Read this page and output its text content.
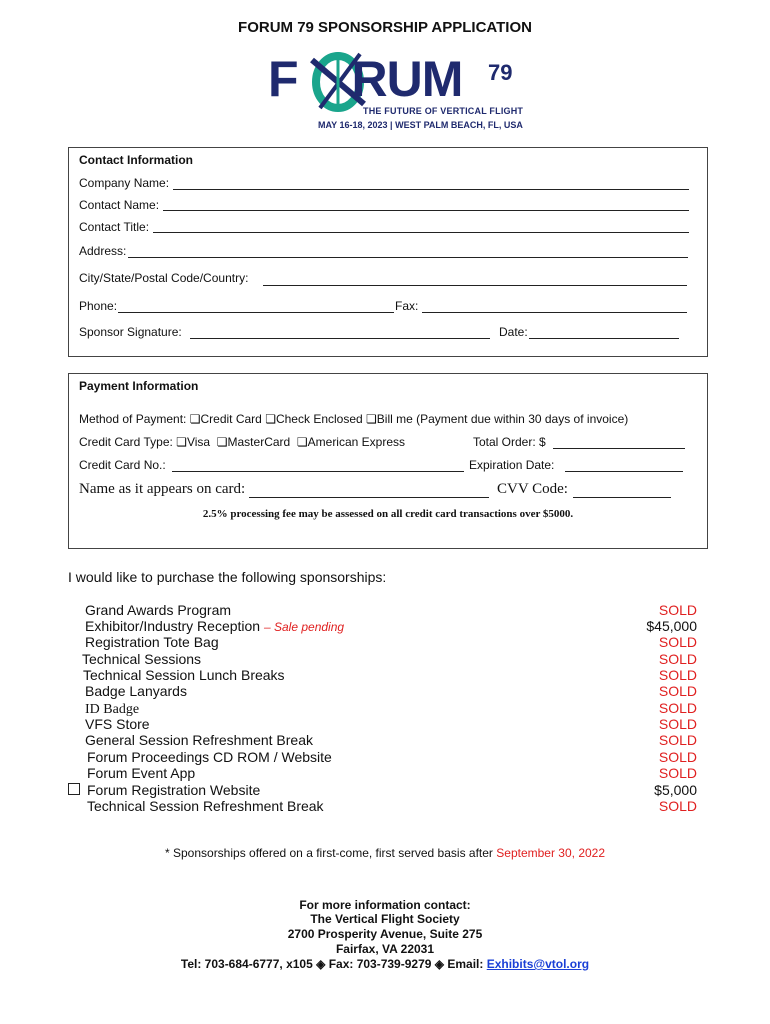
FORUM 79 SPONSORSHIP APPLICATION
F RUM 79
THE FUTURE OF VERTICAL FLIGHT
MAY 16-18, 2023 | WEST PALM BEACH, FL, USA
Contact Information
Company Name:
Contact Name:
Contact Title:
Address:
City/State/Postal Code/Country:
Phone:	Fax:
Sponsor Signature:	Date:
Payment Information
Method of Payment: ❏Credit Card ❏Check Enclosed ❏Bill me (Payment due within 30 days of invoice)
Credit Card Type: ❏Visa ❏MasterCard ❏American Express	Total Order: $
Credit Card No.:	Expiration Date:
Name as it appears on card:	CVV Code:
2.5% processing fee may be assessed on all credit card transactions over $5000.
I would like to purchase the following sponsorships:
Grand Awards Program	SOLD
Exhibitor/Industry Reception – Sale pending	$45,000
Registration Tote Bag	SOLD
Technical Sessions	SOLD
Technical Session Lunch Breaks	SOLD
Badge Lanyards	SOLD
ID Badge	SOLD
VFS Store	SOLD
General Session Refreshment Break	SOLD
Forum Proceedings CD ROM / Website	SOLD
Forum Event App	SOLD
Forum Registration Website	$5,000
Technical Session Refreshment Break	SOLD
* Sponsorships offered on a first-come, first served basis after September 30, 2022
For more information contact:
The Vertical Flight Society
2700 Prosperity Avenue, Suite 275
Fairfax, VA 22031
Tel: 703-684-6777, x105 ◈ Fax: 703-739-9279 ◈ Email: Exhibits@vtol.org
